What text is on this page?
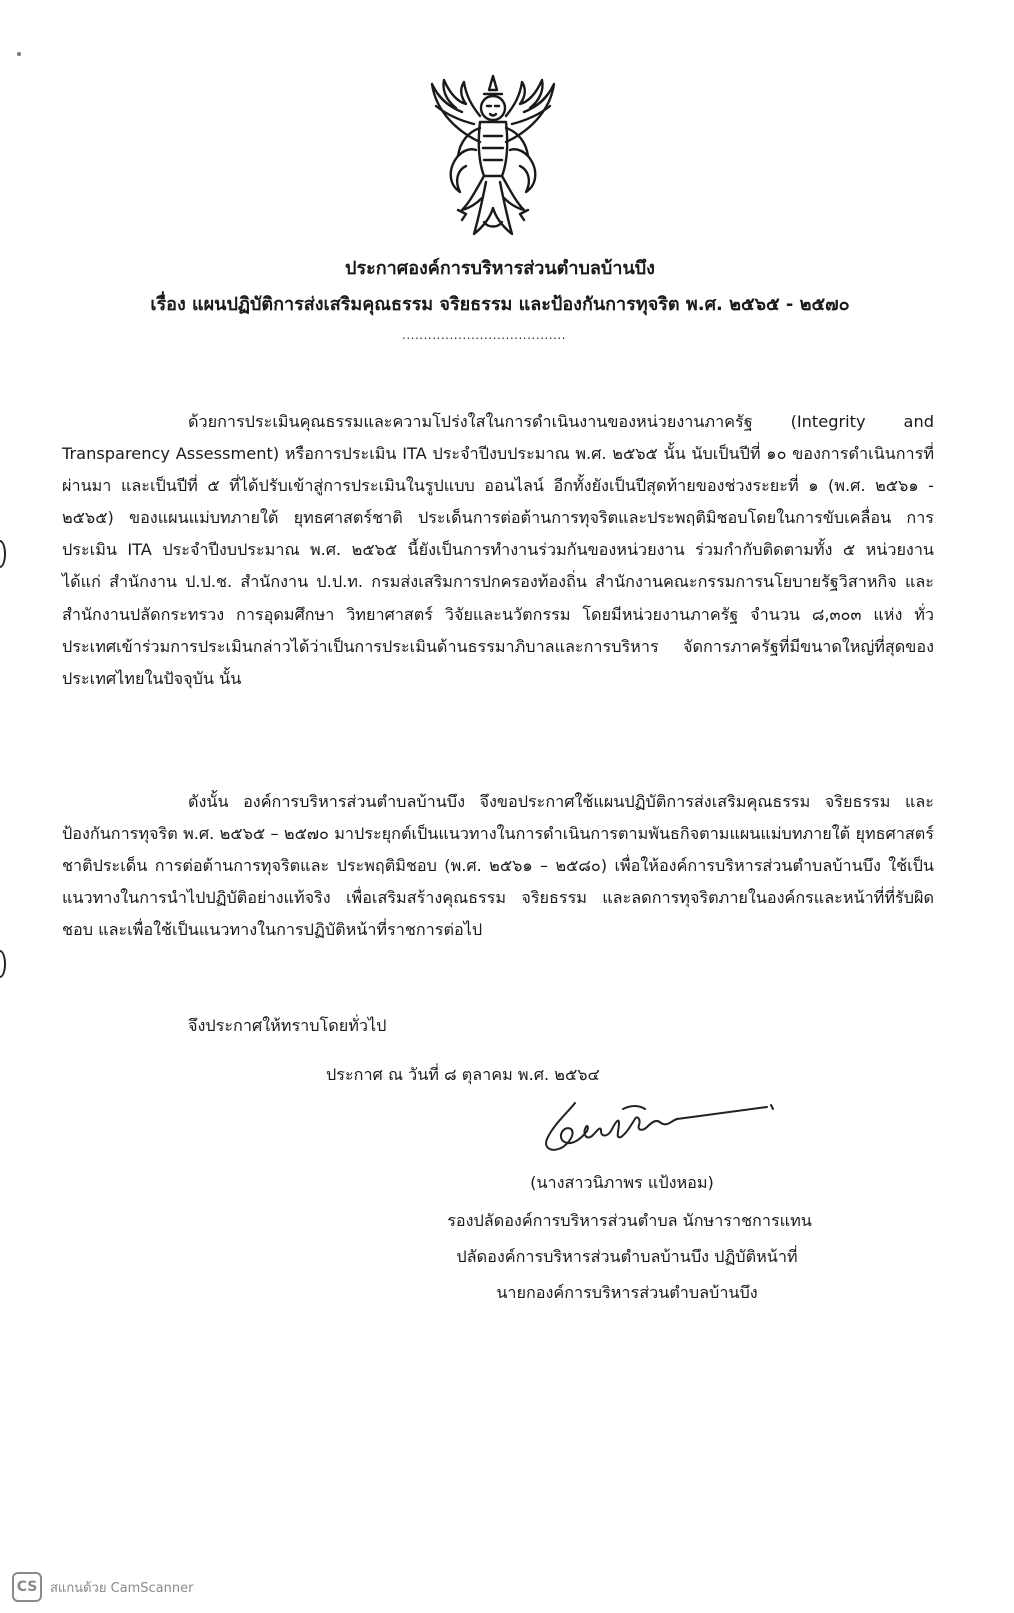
ประกาศองค์การบริหารส่วนตำบลบ้านบึง
เรื่อง แผนปฏิบัติการส่งเสริมคุณธรรม จริยธรรม และป้องกันการทุจริต พ.ศ. ๒๕๖๕ - ๒๕๗๐
......................................
ด้วยการประเมินคุณธรรมและความโปร่งใสในการดำเนินงานของหน่วยงานภาครัฐ (Integrity and Transparency Assessment) หรือการประเมิน ITA ประจำปีงบประมาณ พ.ศ. ๒๕๖๕ นั้น นับเป็นปีที่ ๑๐ ของการดำเนินการที่ผ่านมา และเป็นปีที่ ๕ ที่ได้ปรับเข้าสู่การประเมินในรูปแบบ ออนไลน์ อีกทั้งยังเป็นปีสุดท้ายของช่วงระยะที่ ๑ (พ.ศ. ๒๕๖๑ - ๒๕๖๕) ของแผนแม่บทภายใต้ ยุทธศาสตร์ชาติ ประเด็นการต่อต้านการทุจริตและประพฤติมิชอบโดยในการขับเคลื่อน การประเมิน ITA ประจำปีงบประมาณ พ.ศ. ๒๕๖๕ นี้ยังเป็นการทำงานร่วมกันของหน่วยงาน ร่วมกำกับติดตามทั้ง ๕ หน่วยงาน ได้แก่ สำนักงาน ป.ป.ช. สำนักงาน ป.ป.ท. กรมส่งเสริมการปกครองท้องถิ่น สำนักงานคณะกรรมการนโยบายรัฐวิสาหกิจ และสำนักงานปลัดกระทรวง การอุดมศึกษา วิทยาศาสตร์ วิจัยและนวัตกรรม โดยมีหน่วยงานภาครัฐ จำนวน ๘,๓๐๓ แห่ง ทั่วประเทศเข้าร่วมการประเมินกล่าวได้ว่าเป็นการประเมินด้านธรรมาภิบาลและการบริหาร จัดการภาครัฐที่มีขนาดใหญ่ที่สุดของประเทศไทยในปัจจุบัน นั้น
ดังนั้น องค์การบริหารส่วนตำบลบ้านบึง จึงขอประกาศใช้แผนปฏิบัติการส่งเสริมคุณธรรม จริยธรรม และป้องกันการทุจริต พ.ศ. ๒๕๖๕ – ๒๕๗๐ มาประยุกต์เป็นแนวทางในการดำเนินการตามพันธกิจตามแผนแม่บทภายใต้ ยุทธศาสตร์ชาติประเด็น การต่อต้านการทุจริตและ ประพฤติมิชอบ (พ.ศ. ๒๕๖๑ – ๒๕๘๐) เพื่อให้องค์การบริหารส่วนตำบลบ้านบึง ใช้เป็นแนวทางในการนำไปปฏิบัติอย่างแท้จริง เพื่อเสริมสร้างคุณธรรม จริยธรรม และลดการทุจริตภายในองค์กรและหน้าที่ที่รับผิดชอบ และเพื่อใช้เป็นแนวทางในการปฏิบัติหน้าที่ราชการต่อไป
จึงประกาศให้ทราบโดยทั่วไป
ประกาศ ณ วันที่ ๘ ตุลาคม พ.ศ. ๒๕๖๔
(นางสาวนิภาพร แป้งหอม)
รองปลัดองค์การบริหารส่วนตำบล นักษาราชการแทน
ปลัดองค์การบริหารส่วนตำบลบ้านบึง ปฏิบัติหน้าที่
นายกองค์การบริหารส่วนตำบลบ้านบึง
CS สแกนด้วย CamScanner
